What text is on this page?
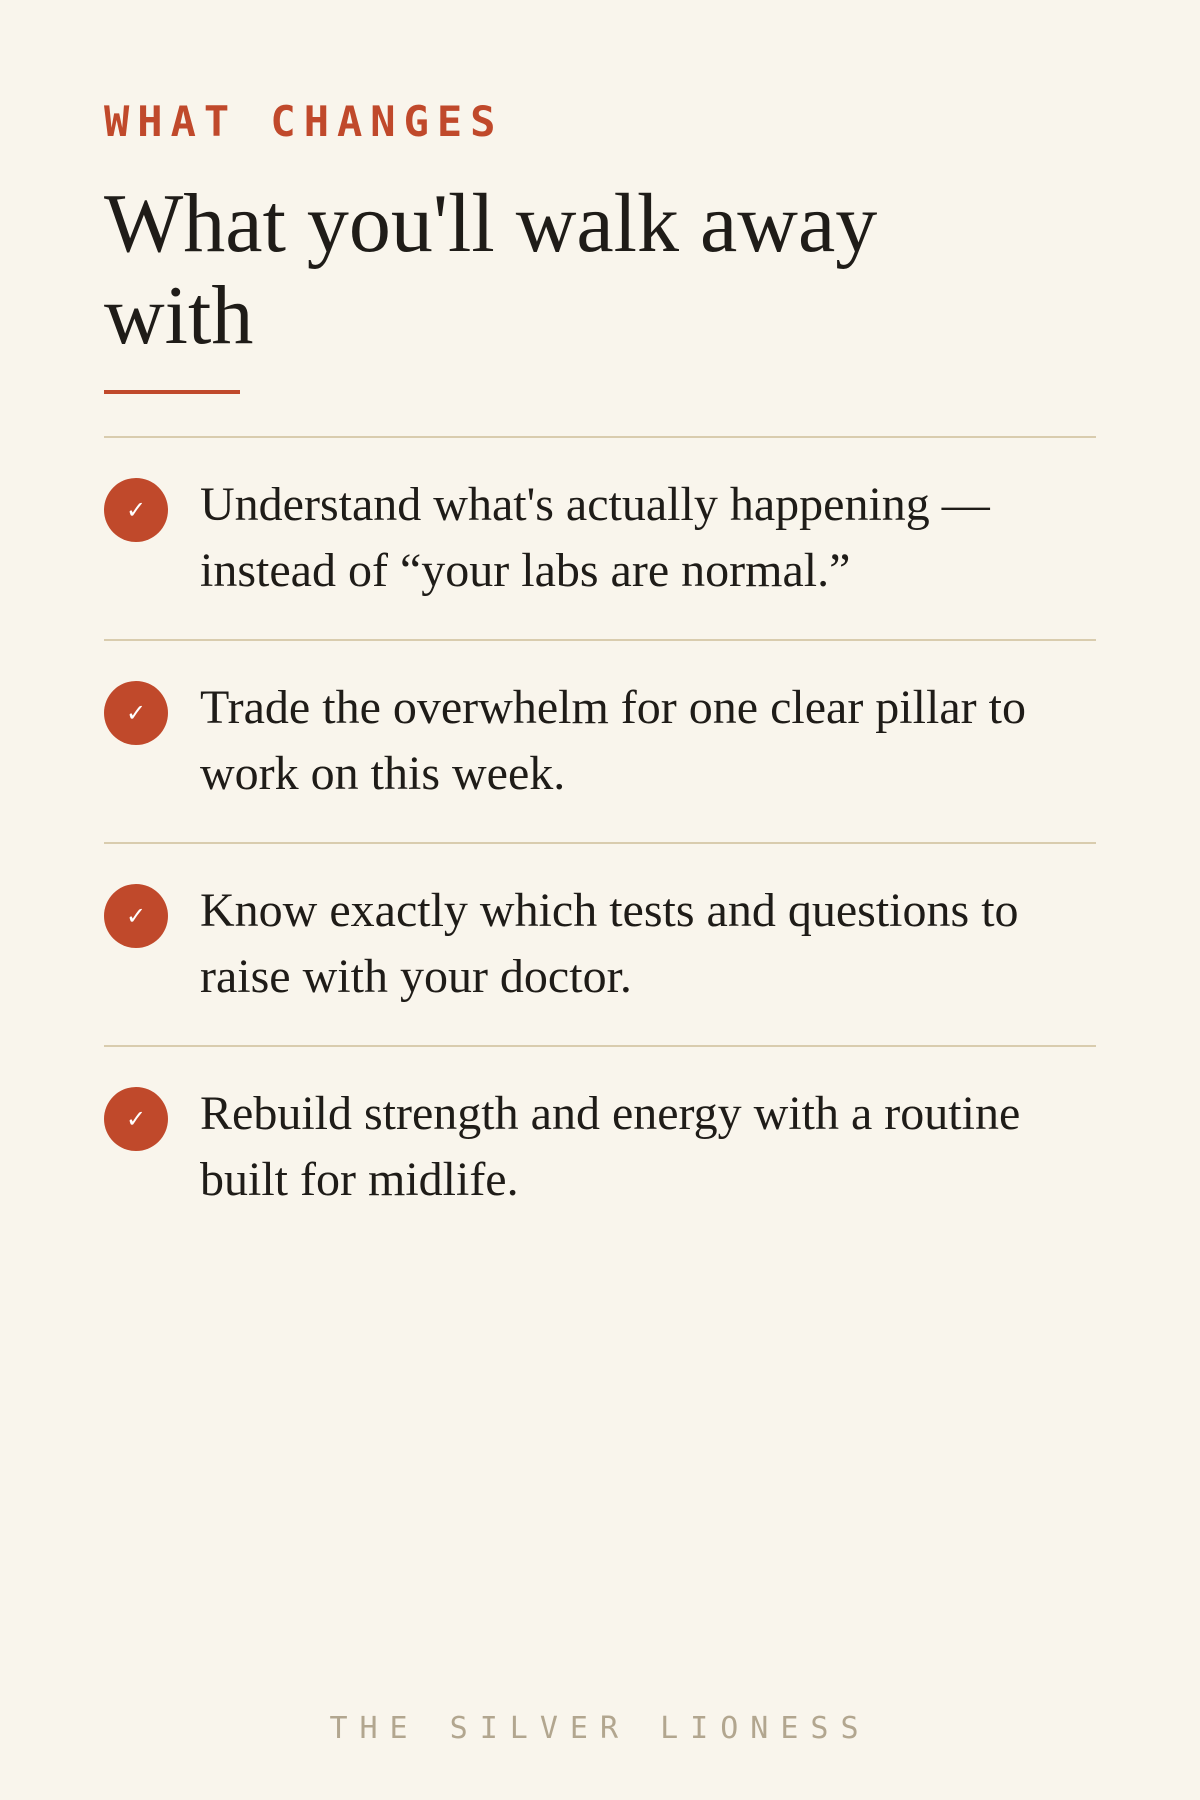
WHAT CHANGES
What you'll walk away with
✓	Understand what's actually happening — instead of “your labs are normal.”

✓	Trade the overwhelm for one clear pillar to work on this week.

✓	Know exactly which tests and questions to raise with your doctor.

✓	Rebuild strength and energy with a routine built for midlife.

THE SILVER LIONESS
